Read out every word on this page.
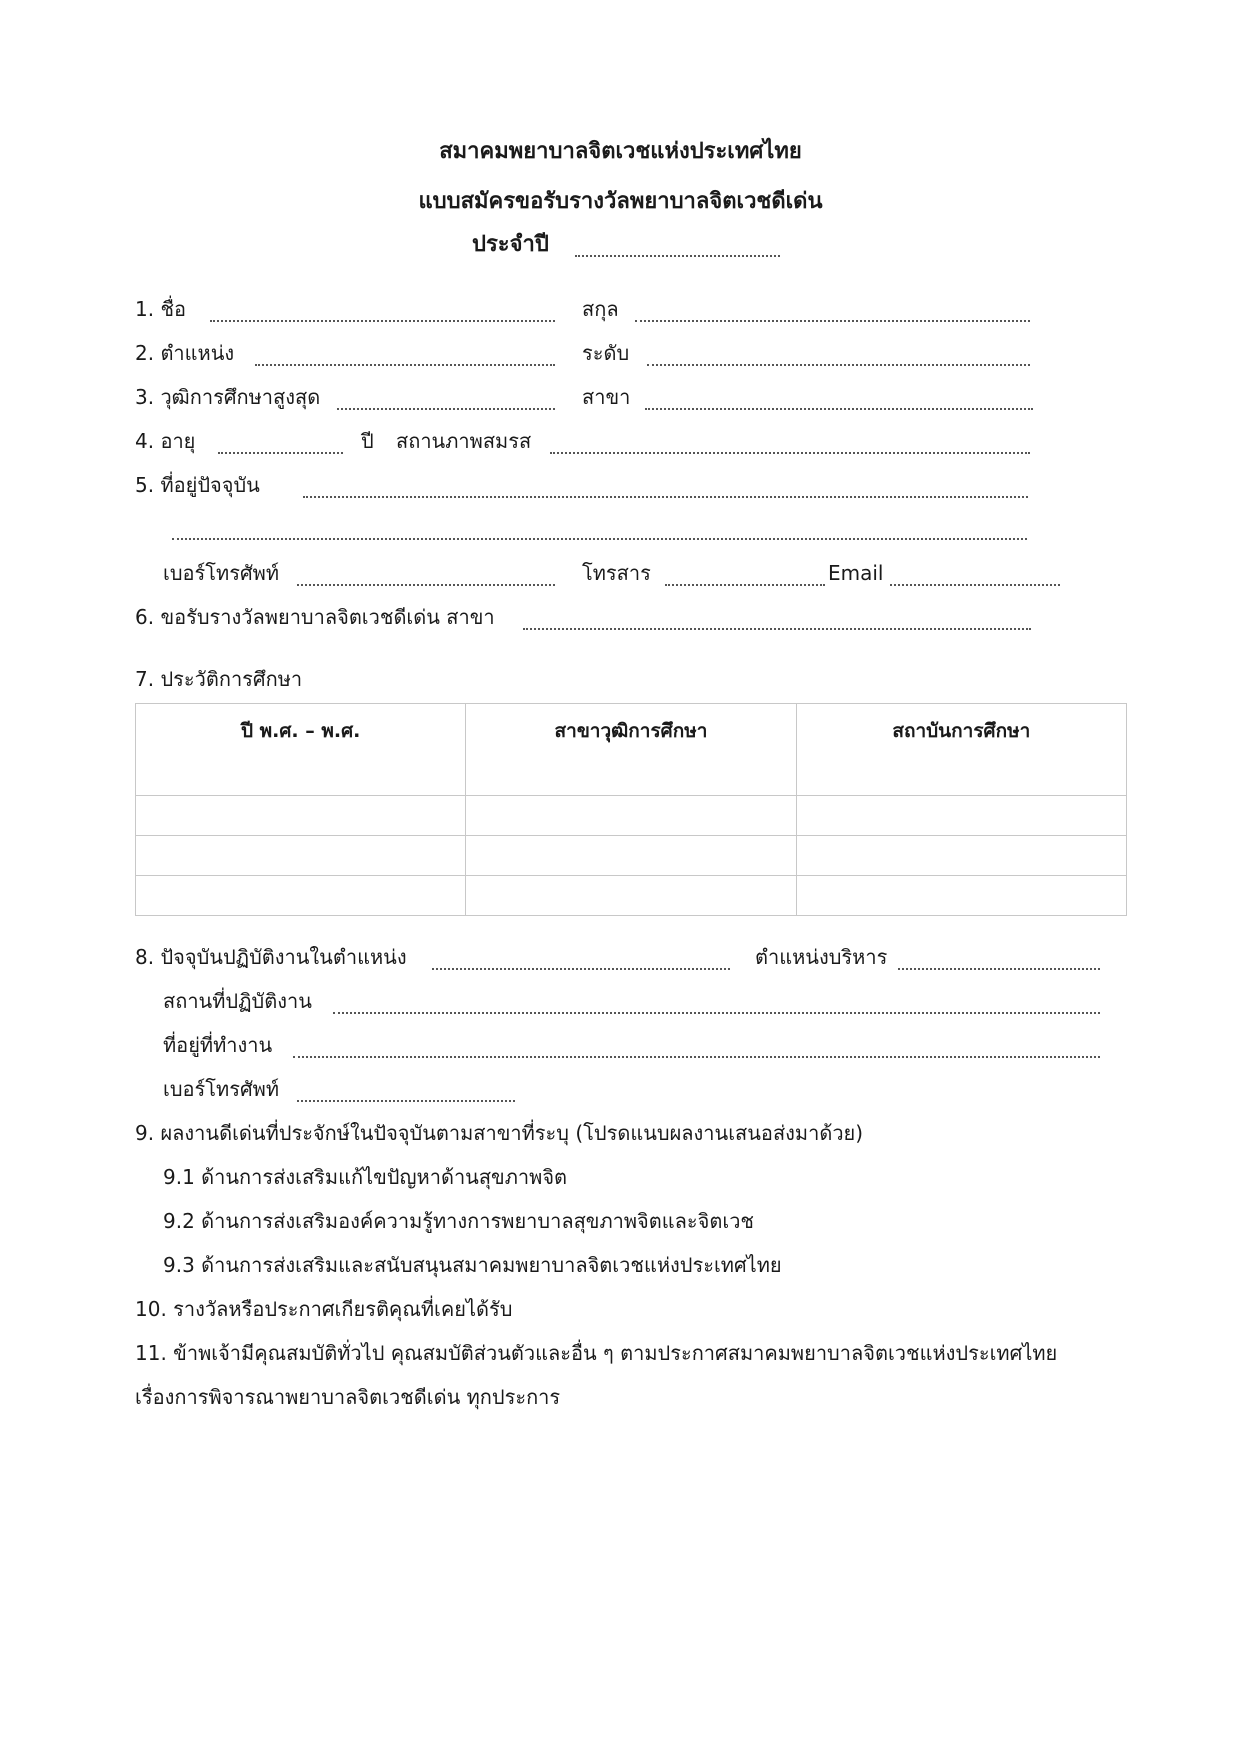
สมาคมพยาบาลจิตเวชแห่งประเทศไทย
แบบสมัครขอรับรางวัลพยาบาลจิตเวชดีเด่น
ประจำปี
1. ชื่อ	สกุล
2. ตำแหน่ง	ระดับ
3. วุฒิการศึกษาสูงสุด	สาขา
4. อายุ	ปี สถานภาพสมรส
5. ที่อยู่ปัจจุบัน
เบอร์โทรศัพท์	โทรสาร	Email
6. ขอรับรางวัลพยาบาลจิตเวชดีเด่น สาขา
7. ประวัติการศึกษา
ปี พ.ศ. – พ.ศ.	สาขาวุฒิการศึกษา	สถาบันการศึกษา

8. ปัจจุบันปฏิบัติงานในตำแหน่ง	ตำแหน่งบริหาร
สถานที่ปฏิบัติงาน
ที่อยู่ที่ทำงาน
เบอร์โทรศัพท์
9. ผลงานดีเด่นที่ประจักษ์ในปัจจุบันตามสาขาที่ระบุ (โปรดแนบผลงานเสนอส่งมาด้วย)
9.1 ด้านการส่งเสริมแก้ไขปัญหาด้านสุขภาพจิต
9.2 ด้านการส่งเสริมองค์ความรู้ทางการพยาบาลสุขภาพจิตและจิตเวช
9.3 ด้านการส่งเสริมและสนับสนุนสมาคมพยาบาลจิตเวชแห่งประเทศไทย
10. รางวัลหรือประกาศเกียรติคุณที่เคยได้รับ
11. ข้าพเจ้ามีคุณสมบัติทั่วไป คุณสมบัติส่วนตัวและอื่น ๆ ตามประกาศสมาคมพยาบาลจิตเวชแห่งประเทศไทย
เรื่องการพิจารณาพยาบาลจิตเวชดีเด่น ทุกประการ
